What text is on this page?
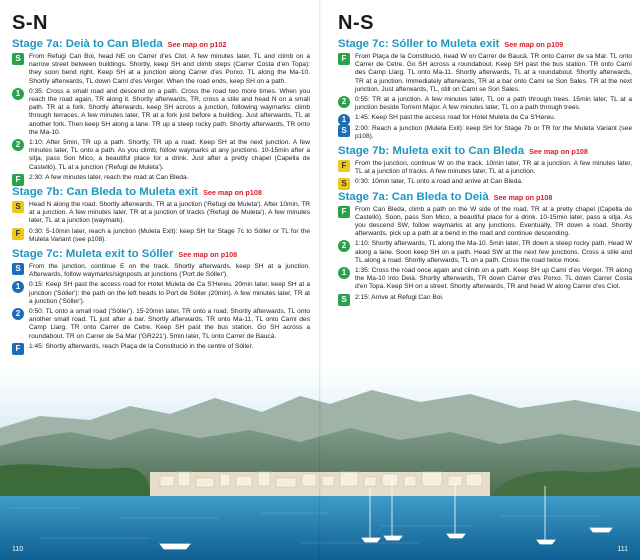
S-N
Stage 7a: Deià to Can Bleda See map on p102
S	From Refugi Can Boi, head NE on Carrer d'es Clot. A few minutes later, TL and climb on a narrow street between buildings. Shortly, keep SH and climb steps (Carrer Costa d'en Topa): they soon bend right. Keep SH at a junction along Carrer d'es Porxo. TL along the Ma-10. Shortly afterwards, TL down Camí d'es Verger. When the road ends, keep SH on a path.
1	0:35: Cross a small road and descend on a path. Cross the road two more times. When you reach the road again, TR along it. Shortly afterwards, TR, cross a stile and head N on a small path. TR at a fork. Shortly afterwards, keep SH across a junction, following waymarks: climb through terraces. A few minutes later, TR at a fork just before a building. Just afterwards, TL at another fork. Then keep SH along a lane. TR up a steep rocky path. Shortly afterwards, TR onto the Ma-10.
2	1:10: After 5min, TR up a path. Shortly, TR up a road. Keep SH at the next junction. A few minutes later, TL onto a path. As you climb, follow waymarks at any junctions. 10-15min after a sitja, pass Son Mico, a beautiful place for a drink. Just after a pretty chapel (Capella de Castelló), TL at a junction ('Refugi de Muleta').
F	2:30: A few minutes later, reach the road at Can Bleda.
Stage 7b: Can Bleda to Muleta exit See map on p108
S	Head N along the road. Shortly afterwards, TR at a junction ('Refugi de Muleta'). After 10min, TR at a junction. A few minutes later, TR at a junction of tracks ('Refugi de Muleta'). A few minutes later, TL at a junction (waymark).
F	0:30: 5-10min later, reach a junction (Muleta Exit): keep SH for Stage 7c to Sóller or TL for the Muleta Variant (see p108).
Stage 7c: Muleta exit to Sóller See map on p108
S	From the junction, continue E on the track. Shortly afterwards, keep SH at a junction. Afterwards, follow waymarks/signposts at junctions ('Port de Sóller').
1	0:15: Keep SH past the access road for Hotel Muleta de Ca S'Hereu. 20min later, keep SH at a junction ('Sóller'): the path on the left heads to Port de Sóller (20min). A few minutes later, TR at a junction ('Sóller').
2	0:50: TL onto a small road ('Sóller'). 15-20min later, TR onto a road. Shortly afterwards, TL onto another small road. TL just after a bar. Shortly afterwards, TR onto Ma-11, TL onto Camí des Camp Llarg. TR onto Carrer de Cetre. Keep SH past the bus station. Go SH across a roundabout. TR on Carrer de Sa Mar ('GR221'). 5min later, TL onto Carrer de Baucà.
F	1:45: Shortly afterwards, reach Plaça de la Constitució in the centre of Sóller.
N-S
Stage 7c: Sóller to Muleta exit See map on p109
F	From Plaça de la Constitució, head W on Carrer de Baucà. TR onto Carrer de sa Mar. TL onto Carrer de Cetre. Go SH across a roundabout. Keep SH past the bus station. TR onto Camí des Camp Llarg. TL onto Ma-11. Shortly afterwards, TL at a roundabout. Shortly afterwards, TR at a junction. Immediately afterwards, TR at a bar onto Camí se Son Sales. TR at the next junction. Just afterwards, TL, still on Camí se Son Sales.
2	0:55: TR at a junction. A few minutes later, TL on a path through trees. 15min later, TL at a junction beside Torrent Major. A few minutes later, TL on a path through trees.
1	1:45: Keep SH past the access road for Hotel Muleta de Ca S'Hereu.
S	2:00: Reach a junction (Muleta Exit): keep SH for Stage 7b or TR for the Muleta Variant (see p108).
Stage 7b: Muleta exit to Can Bleda See map on p108
F	From the junction, continue W on the track. 10min later, TR at a junction. A few minutes later, TL at a junction of tracks. A few minutes later, TL at a junction.
S	0:30: 10min later, TL onto a road and arrive at Can Bleda.
Stage 7a: Can Bleda to Deià See map on p108
F	From Can Bleda, climb a path on the W side of the road. TR at a pretty chapel (Capella de Castelló). Soon, pass Son Mico, a beautiful place for a drink. 10-15min later, pass a sitja. As you descend SW, follow waymarks at any junctions. Eventually, TR down a road. Shortly afterwards, pick up a path at a bend in the road and continue descending.
2	1:10: Shortly afterwards, TL along the Ma-10. 5min later, TR down a steep rocky path. Head W along a lane. Soon keep SH on a path. Head SW at the next few junctions. Cross a stile and TL along a road. Shortly afterwards, TL on a path. Cross the road twice more.
1	1:35: Cross the road once again and climb on a path. Keep SH up Camí d'es Verger. TR along the Ma-10 into Deià. Shortly afterwards, TR down Carrer d'es Porxo. TL down Carrer Costa d'en Topa. Keep SH on a street. Shortly afterwards, TR and head W along Carrer d'es Clot.
S	2:15: Arrive at Refugi Can Boi.
Port de Sóller
110	111
